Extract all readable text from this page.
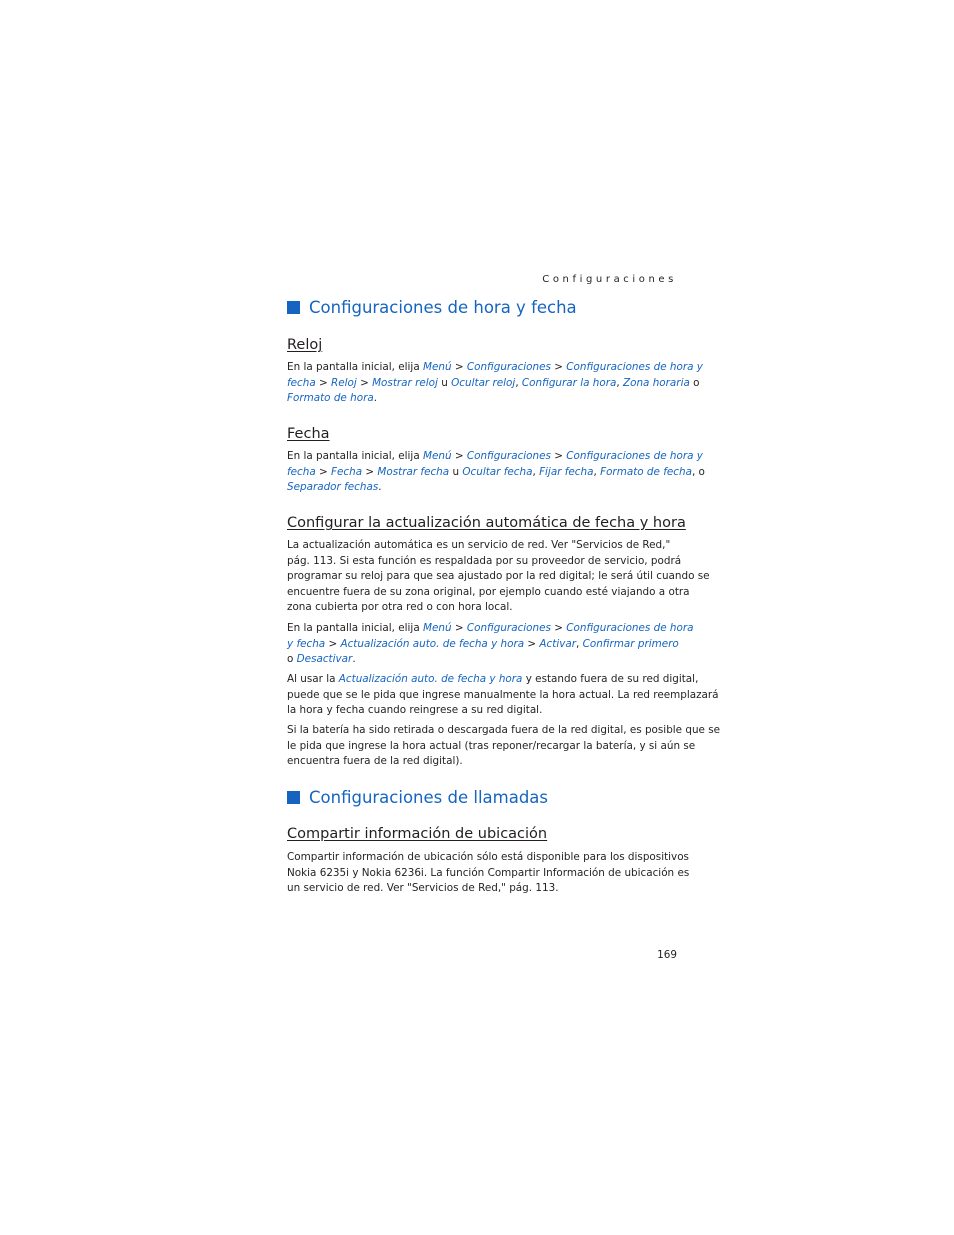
Configuraciones
Configuraciones de hora y fecha
Reloj
En la pantalla inicial, elija Menú > Configuraciones > Configuraciones de hora y
fecha > Reloj > Mostrar reloj u Ocultar reloj, Configurar la hora, Zona horaria o
Formato de hora.
Fecha
En la pantalla inicial, elija Menú > Configuraciones > Configuraciones de hora y
fecha > Fecha > Mostrar fecha u Ocultar fecha, Fijar fecha, Formato de fecha, o
Separador fechas.
Configurar la actualización automática de fecha y hora
La actualización automática es un servicio de red. Ver "Servicios de Red,"
pág. 113. Si esta función es respaldada por su proveedor de servicio, podrá
programar su reloj para que sea ajustado por la red digital; le será útil cuando se
encuentre fuera de su zona original, por ejemplo cuando esté viajando a otra
zona cubierta por otra red o con hora local.
En la pantalla inicial, elija Menú > Configuraciones > Configuraciones de hora
y fecha > Actualización auto. de fecha y hora > Activar, Confirmar primero
o Desactivar.
Al usar la Actualización auto. de fecha y hora y estando fuera de su red digital,
puede que se le pida que ingrese manualmente la hora actual. La red reemplazará
la hora y fecha cuando reingrese a su red digital.
Si la batería ha sido retirada o descargada fuera de la red digital, es posible que se
le pida que ingrese la hora actual (tras reponer/recargar la batería, y si aún se
encuentra fuera de la red digital).
Configuraciones de llamadas
Compartir información de ubicación
Compartir información de ubicación sólo está disponible para los dispositivos
Nokia 6235i y Nokia 6236i. La función Compartir Información de ubicación es
un servicio de red. Ver "Servicios de Red," pág. 113.
169
